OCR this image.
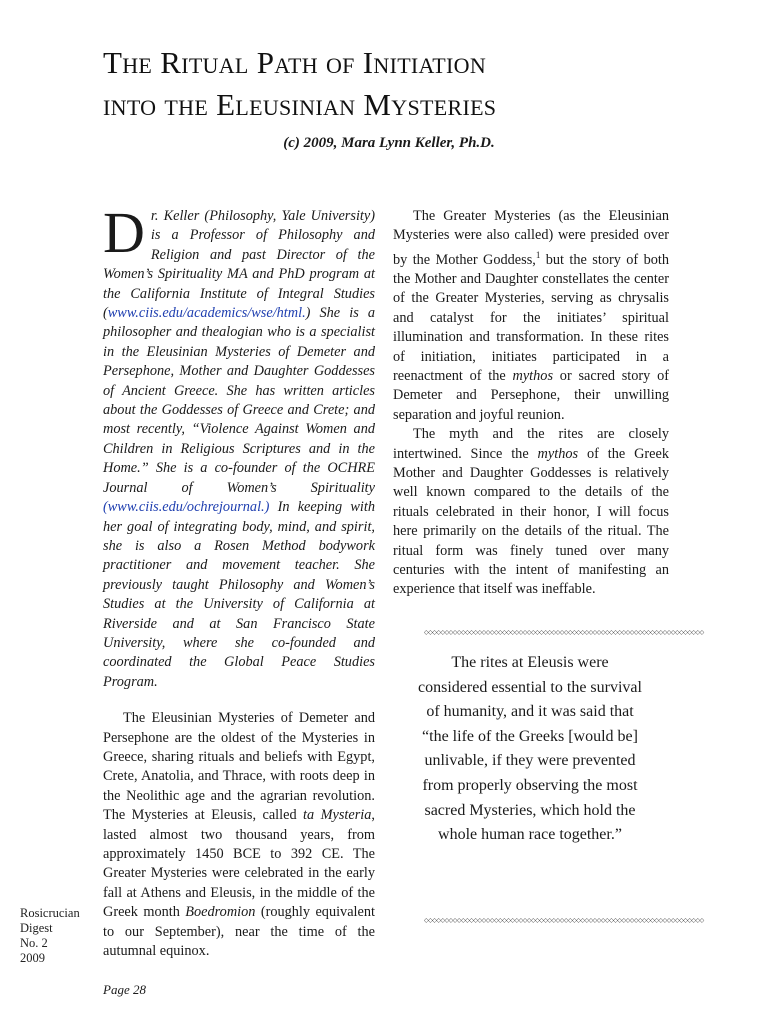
The Ritual Path of Initiation
into the Eleusinian Mysteries
(c) 2009, Mara Lynn Keller, Ph.D.

Dr. Keller (Philosophy, Yale University) is a Professor of Philosophy and Religion and past Director of the Women’s Spirituality MA and PhD program at the California Institute of Integral Studies (www.ciis.edu/academics/wse/html.) She is a philosopher and thealogian who is a specialist in the Eleusinian Mysteries of Demeter and Persephone, Mother and Daughter Goddesses of Ancient Greece. She has written articles about the Goddesses of Greece and Crete; and most recently, “Violence Against Women and Children in Religious Scriptures and in the Home.” She is a co-founder of the OCHRE Journal of Women’s Spirituality (www.ciis.edu/ochrejournal.) In keeping with her goal of integrating body, mind, and spirit, she is also a Rosen Method bodywork practitioner and movement teacher. She previously taught Philosophy and Women’s Studies at the University of California at Riverside and at San Francisco State University, where she co-founded and coordinated the Global Peace Studies Program.

The Eleusinian Mysteries of Demeter and Persephone are the oldest of the Mysteries in Greece, sharing rituals and beliefs with Egypt, Crete, Anatolia, and Thrace, with roots deep in the Neolithic age and the agrarian revolution. The Mysteries at Eleusis, called ta Mysteria, lasted almost two thousand years, from approximately 1450 BCE to 392 CE. The Greater Mysteries were celebrated in the early fall at Athens and Eleusis, in the middle of the Greek month Boedromion (roughly equivalent to our September), near the time of the autumnal equinox.

The Greater Mysteries (as the Eleusinian Mysteries were also called) were presided over by the Mother Goddess,$^1$ but the story of both the Mother and Daughter constellates the center of the Greater Mysteries, serving as chrysalis and catalyst for the initiates’ spiritual illumination and transformation. In these rites of initiation, initiates participated in a reenactment of the mythos or sacred story of Demeter and Persephone, their unwilling separation and joyful reunion.

The myth and the rites are closely intertwined. Since the mythos of the Greek Mother and Daughter Goddesses is relatively well known compared to the details of the rituals celebrated in their honor, I will focus here primarily on the details of the ritual. The ritual form was finely tuned over many centuries with the intent of manifesting an experience that itself was ineffable.

◇◇◇◇◇◇◇◇◇◇◇◇◇◇◇◇◇◇◇◇◇◇◇◇◇◇◇◇◇◇◇◇◇◇◇◇◇◇◇◇◇◇◇◇◇◇◇◇◇◇◇◇◇◇◇◇◇◇◇◇◇◇◇◇◇◇◇◇
The rites at Eleusis were considered essential to the survival of humanity, and it was said that “the life of the Greeks [would be] unlivable, if they were prevented from properly observing the most sacred Mysteries, which hold the whole human race together.”
◇◇◇◇◇◇◇◇◇◇◇◇◇◇◇◇◇◇◇◇◇◇◇◇◇◇◇◇◇◇◇◇◇◇◇◇◇◇◇◇◇◇◇◇◇◇◇◇◇◇◇◇◇◇◇◇◇◇◇◇◇◇◇◇◇◇◇◇
Rosicrucian
Digest
No. 2
2009
Page 28
